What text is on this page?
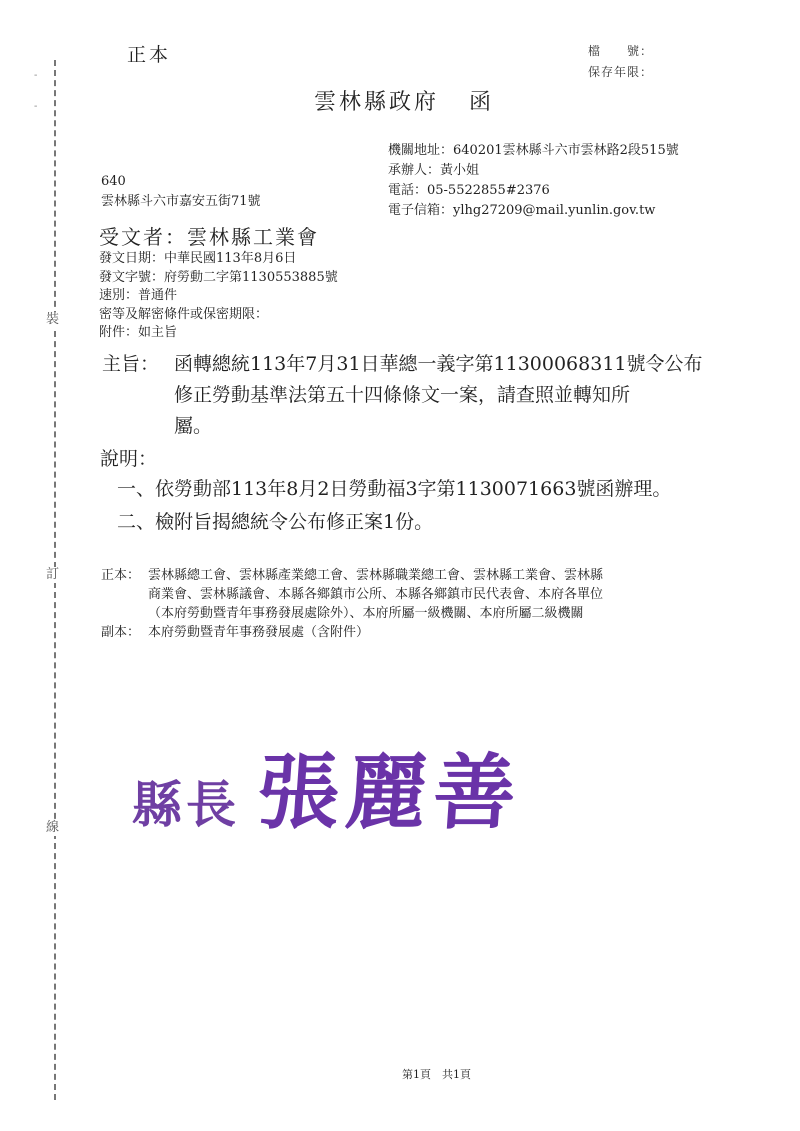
-
-
裝
訂
線
正本	檔　　號：
保存年限：
雲林縣政府 函
機關地址：640201雲林縣斗六市雲林路2段515號
承辦人：黃小姐
電話：05-5522855#2376
電子信箱：ylhg27209@mail.yunlin.gov.tw
640
雲林縣斗六市嘉安五街71號
受文者：雲林縣工業會
發文日期：中華民國113年8月6日
發文字號：府勞動二字第1130553885號
速別：普通件
密等及解密條件或保密期限：
附件：如主旨
主旨： 函轉總統113年7月31日華總一義字第11300068311號令公布
修正勞動基準法第五十四條條文一案，請查照並轉知所
屬。
說明：
一、依勞動部113年8月2日勞動福3字第1130071663號函辦理。
二、檢附旨揭總統令公布修正案1份。
正本： 雲林縣總工會、雲林縣產業總工會、雲林縣職業總工會、雲林縣工業會、雲林縣
商業會、雲林縣議會、本縣各鄉鎮市公所、本縣各鄉鎮市民代表會、本府各單位
（本府勞動暨青年事務發展處除外）、本府所屬一級機關、本府所屬二級機關
副本： 本府勞動暨青年事務發展處（含附件）
縣長 張麗善
第1頁　共1頁
